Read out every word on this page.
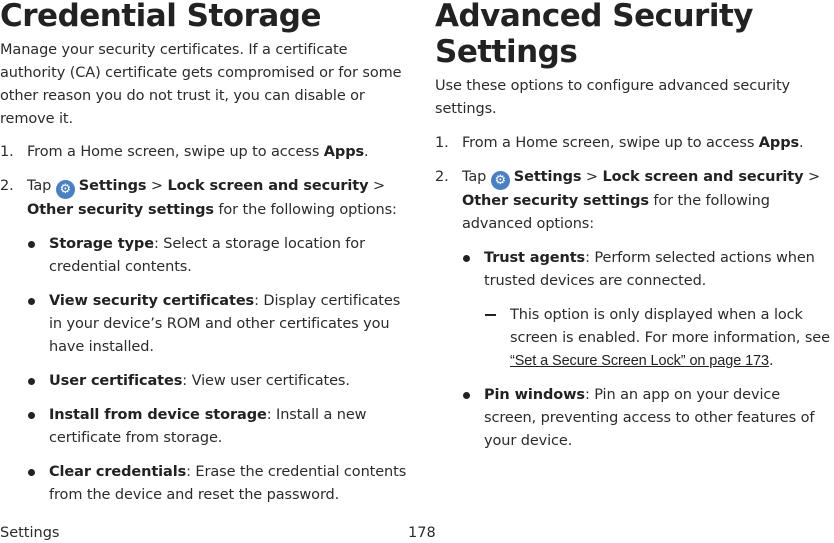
Credential Storage

Manage your security certificates. If a certificate authority (CA) certificate gets compromised or for some other reason you do not trust it, you can disable or remove it.

1. From a Home screen, swipe up to access Apps.
2. Tap ⚙ Settings > Lock screen and security > Other security settings for the following options:
Storage type: Select a storage location for credential contents.
View security certificates: Display certificates in your device’s ROM and other certificates you have installed.
User certificates: View user certificates.
Install from device storage: Install a new certificate from storage.
Clear credentials: Erase the credential contents from the device and reset the password.
Advanced Security
Settings

Use these options to configure advanced security settings.

1. From a Home screen, swipe up to access Apps.
2. Tap ⚙ Settings > Lock screen and security > Other security settings for the following advanced options:
Trust agents: Perform selected actions when trusted devices are connected.
This option is only displayed when a lock screen is enabled. For more information, see “Set a Secure Screen Lock” on page 173.
Pin windows: Pin an app on your device screen, preventing access to other features of your device.
Settings	178
